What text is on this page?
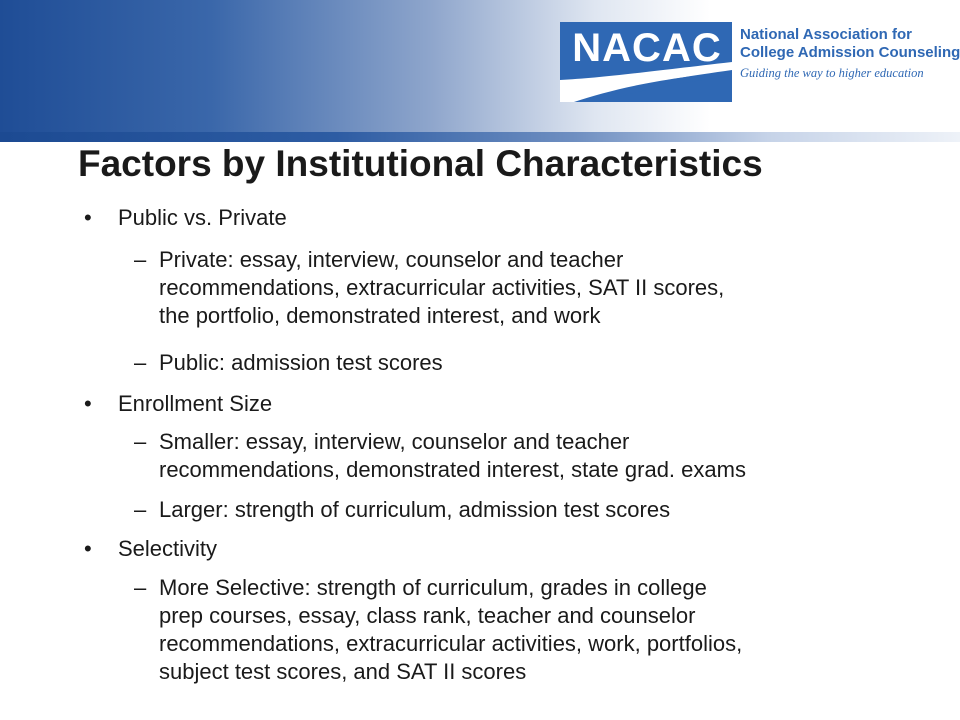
NACAC National Association for
College Admission Counseling
Guiding the way to higher education
Factors by Institutional Characteristics
• Public vs. Private
– Private: essay, interview, counselor and teacher
recommendations, extracurricular activities, SAT II scores,
the portfolio, demonstrated interest, and work
– Public: admission test scores
• Enrollment Size
– Smaller: essay, interview, counselor and teacher
recommendations, demonstrated interest, state grad. exams
– Larger: strength of curriculum, admission test scores
• Selectivity
– More Selective: strength of curriculum, grades in college
prep courses, essay, class rank, teacher and counselor
recommendations, extracurricular activities, work, portfolios,
subject test scores, and SAT II scores
